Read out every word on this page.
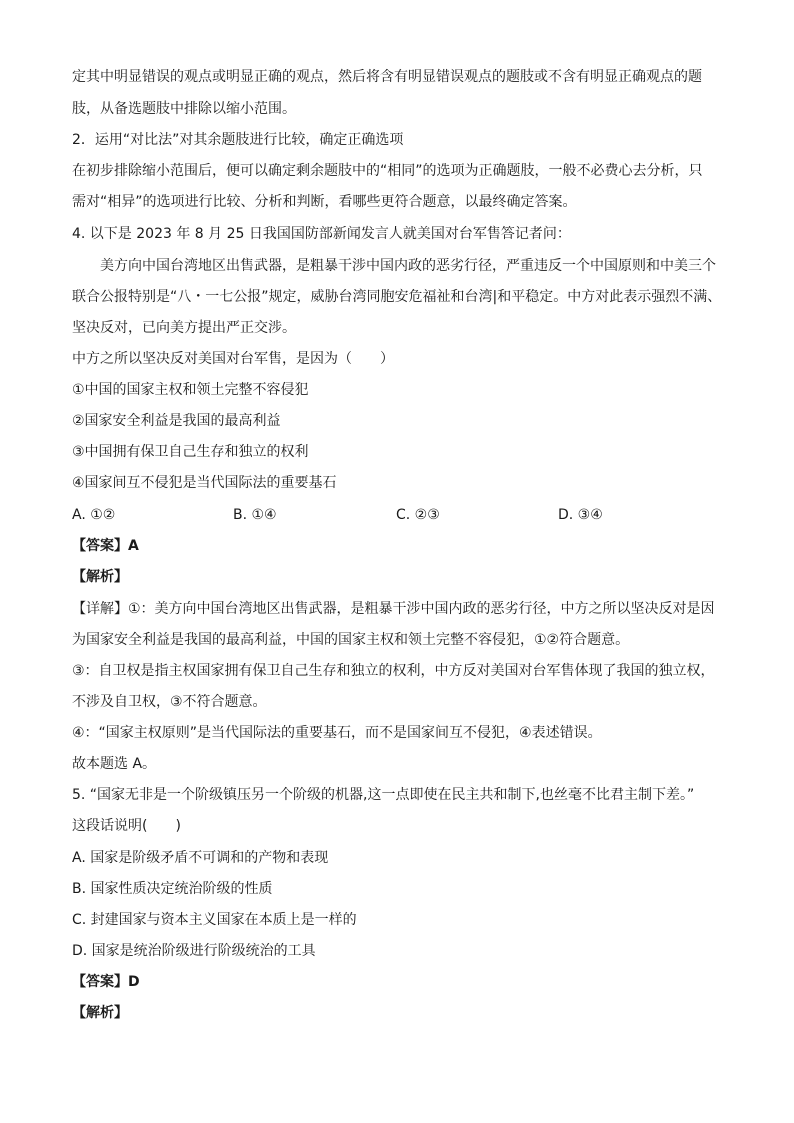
定其中明显错误的观点或明显正确的观点，然后将含有明显错误观点的题肢或不含有明显正确观点的题
肢，从备选题肢中排除以缩小范围。
2．运用“对比法”对其余题肢进行比较，确定正确选项
在初步排除缩小范围后，便可以确定剩余题肢中的“相同”的选项为正确题肢，一般不必费心去分析，只
需对“相异”的选项进行比较、分析和判断，看哪些更符合题意，以最终确定答案。
4. 以下是 2023 年 8 月 25 日我国国防部新闻发言人就美国对台军售答记者问：
美方向中国台湾地区出售武器，是粗暴干涉中国内政的恶劣行径，严重违反一个中国原则和中美三个
联合公报特别是“八・一七公报”规定，威胁台湾同胞安危福祉和台湾|和平稳定。中方对此表示强烈不满、
坚决反对，已向美方提出严正交涉。
中方之所以坚决反对美国对台军售，是因为（　　）
①中国的国家主权和领土完整不容侵犯
②国家安全利益是我国的最高利益
③中国拥有保卫自己生存和独立的权利
④国家间互不侵犯是当代国际法的重要基石
A. ①②	B. ①④	C. ②③	D. ③④
【答案】A
【解析】
【详解】①：美方向中国台湾地区出售武器，是粗暴干涉中国内政的恶劣行径，中方之所以坚决反对是因
为国家安全利益是我国的最高利益，中国的国家主权和领土完整不容侵犯，①②符合题意。
③：自卫权是指主权国家拥有保卫自己生存和独立的权利，中方反对美国对台军售体现了我国的独立权，
不涉及自卫权，③不符合题意。
④：“国家主权原则”是当代国际法的重要基石，而不是国家间互不侵犯，④表述错误。
故本题选 A。
5. “国家无非是一个阶级镇压另一个阶级的机器,这一点即使在民主共和制下,也丝毫不比君主制下差。”
这段话说明(　　)
A. 国家是阶级矛盾不可调和的产物和表现
B. 国家性质决定统治阶级的性质
C. 封建国家与资本主义国家在本质上是一样的
D. 国家是统治阶级进行阶级统治的工具
【答案】D
【解析】
